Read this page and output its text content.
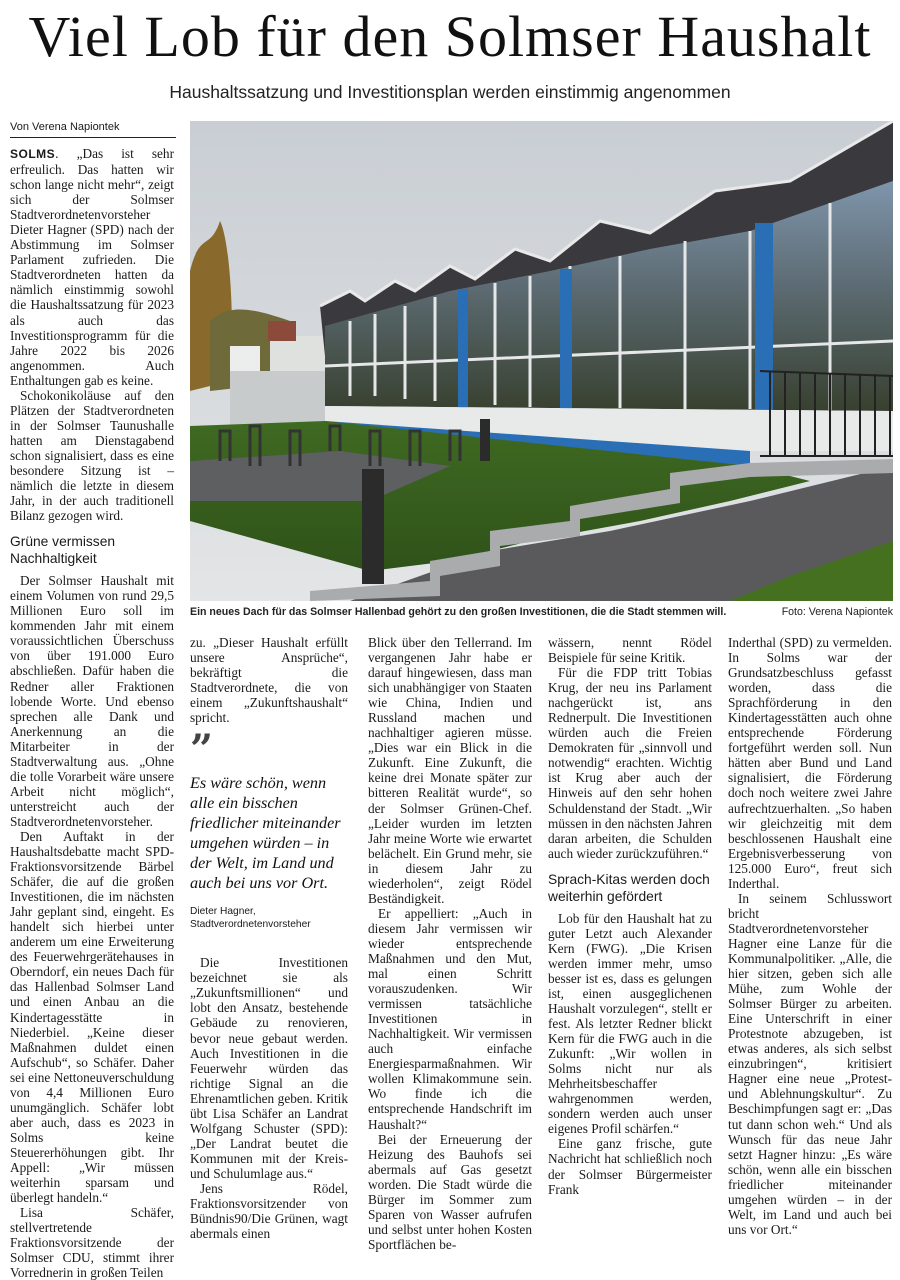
Viel Lob für den Solmser Haushalt
Haushaltssatzung und Investitionsplan werden einstimmig angenommen
Von Verena Napiontek

SOLMS. „Das ist sehr erfreulich. Das hatten wir schon lange nicht mehr“, zeigt sich der Solmser Stadtverordnetenvorsteher Dieter Hagner (SPD) nach der Abstimmung im Solmser Parlament zufrieden. Die Stadtverordneten hatten da nämlich einstimmig sowohl die Haushaltssatzung für 2023 als auch das Investitionsprogramm für die Jahre 2022 bis 2026 angenommen. Auch Enthaltungen gab es keine.

Schokonikoläuse auf den Plätzen der Stadtverordneten in der Solmser Taunushalle hatten am Dienstagabend schon signalisiert, dass es eine besondere Sitzung ist – nämlich die letzte in diesem Jahr, in der auch traditionell Bilanz gezogen wird.

Grüne vermissen Nachhaltigkeit

Der Solmser Haushalt mit einem Volumen von rund 29,5 Millionen Euro soll im kommenden Jahr mit einem voraussichtlichen Überschuss von über 191.000 Euro abschließen. Dafür haben die Redner aller Fraktionen lobende Worte. Und ebenso sprechen alle Dank und Anerkennung an die Mitarbeiter in der Stadtverwaltung aus. „Ohne die tolle Vorarbeit wäre unsere Arbeit nicht möglich“, unterstreicht auch der Stadtverordnetenvorsteher.

Den Auftakt in der Haushaltsdebatte macht SPD-Fraktionsvorsitzende Bärbel Schäfer, die auf die großen Investitionen, die im nächsten Jahr geplant sind, eingeht. Es handelt sich hierbei unter anderem um eine Erweiterung des Feuerwehrgerätehauses in Oberndorf, ein neues Dach für das Hallenbad Solmser Land und einen Anbau an die Kindertagesstätte in Niederbiel. „Keine dieser Maßnahmen duldet einen Aufschub“, so Schäfer. Daher sei eine Nettoneuverschuldung von 4,4 Millionen Euro unumgänglich. Schäfer lobt aber auch, dass es 2023 in Solms keine Steuererhöhungen gibt. Ihr Appell: „Wir müssen weiterhin sparsam und überlegt handeln.“

Lisa Schäfer, stellvertretende Fraktionsvorsitzende der Solmser CDU, stimmt ihrer Vorrednerin in großen Teilen

Ein neues Dach für das Solmser Hallenbad gehört zu den großen Investitionen, die die Stadt stemmen will.	Foto: Verena Napiontek

zu. „Dieser Haushalt erfüllt unsere Ansprüche“, bekräftigt die Stadtverordnete, die von einem „Zukunftshaushalt“ spricht.

”
Es wäre schön, wenn alle ein bisschen friedlicher miteinander umgehen würden – in der Welt, im Land und auch bei uns vor Ort.
Dieter Hagner,
Stadtverordnetenvorsteher

Die Investitionen bezeichnet sie als „Zukunftsmillionen“ und lobt den Ansatz, bestehende Gebäude zu renovieren, bevor neue gebaut werden. Auch Investitionen in die Feuerwehr würden das richtige Signal an die Ehrenamtlichen geben. Kritik übt Lisa Schäfer an Landrat Wolfgang Schuster (SPD): „Der Landrat beutet die Kommunen mit der Kreis- und Schulumlage aus.“

Jens Rödel, Fraktionsvorsitzender von Bündnis90/Die Grünen, wagt abermals einen

Blick über den Tellerrand. Im vergangenen Jahr habe er darauf hingewiesen, dass man sich unabhängiger von Staaten wie China, Indien und Russland machen und nachhaltiger agieren müsse. „Dies war ein Blick in die Zukunft. Eine Zukunft, die keine drei Monate später zur bitteren Realität wurde“, so der Solmser Grünen-Chef. „Leider wurden im letzten Jahr meine Worte wie erwartet belächelt. Ein Grund mehr, sie in diesem Jahr zu wiederholen“, zeigt Rödel Beständigkeit.

Er appelliert: „Auch in diesem Jahr vermissen wir wieder entsprechende Maßnahmen und den Mut, mal einen Schritt vorauszudenken. Wir vermissen tatsächliche Investitionen in Nachhaltigkeit. Wir vermissen auch einfache Energiesparmaßnahmen. Wir wollen Klimakommune sein. Wo finde ich die entsprechende Handschrift im Haushalt?“

Bei der Erneuerung der Heizung des Bauhofs sei abermals auf Gas gesetzt worden. Die Stadt würde die Bürger im Sommer zum Sparen von Wasser aufrufen und selbst unter hohen Kosten Sportflächen be-

wässern, nennt Rödel Beispiele für seine Kritik.

Für die FDP tritt Tobias Krug, der neu ins Parlament nachgerückt ist, ans Rednerpult. Die Investitionen würden auch die Freien Demokraten für „sinnvoll und notwendig“ erachten. Wichtig ist Krug aber auch der Hinweis auf den sehr hohen Schuldenstand der Stadt. „Wir müssen in den nächsten Jahren daran arbeiten, die Schulden auch wieder zurückzuführen.“

Sprach-Kitas werden doch weiterhin gefördert

Lob für den Haushalt hat zu guter Letzt auch Alexander Kern (FWG). „Die Krisen werden immer mehr, umso besser ist es, dass es gelungen ist, einen ausgeglichenen Haushalt vorzulegen“, stellt er fest. Als letzter Redner blickt Kern für die FWG auch in die Zukunft: „Wir wollen in Solms nicht nur als Mehrheitsbeschaffer wahrgenommen werden, sondern werden auch unser eigenes Profil schärfen.“

Eine ganz frische, gute Nachricht hat schließlich noch der Solmser Bürgermeister Frank

Inderthal (SPD) zu vermelden. In Solms war der Grundsatzbeschluss gefasst worden, dass die Sprachförderung in den Kindertagesstätten auch ohne entsprechende Förderung fortgeführt werden soll. Nun hätten aber Bund und Land signalisiert, die Förderung doch noch weitere zwei Jahre aufrechtzuerhalten. „So haben wir gleichzeitig mit dem beschlossenen Haushalt eine Ergebnisverbesserung von 125.000 Euro“, freut sich Inderthal.

In seinem Schlusswort bricht Stadtverordnetenvorsteher Hagner eine Lanze für die Kommunalpolitiker. „Alle, die hier sitzen, geben sich alle Mühe, zum Wohle der Solmser Bürger zu arbeiten. Eine Unterschrift in einer Protestnote abzugeben, ist etwas anderes, als sich selbst einzubringen“, kritisiert Hagner eine neue „Protest- und Ablehnungskultur“. Zu Beschimpfungen sagt er: „Das tut dann schon weh.“ Und als Wunsch für das neue Jahr setzt Hagner hinzu: „Es wäre schön, wenn alle ein bisschen friedlicher miteinander umgehen würden – in der Welt, im Land und auch bei uns vor Ort.“
